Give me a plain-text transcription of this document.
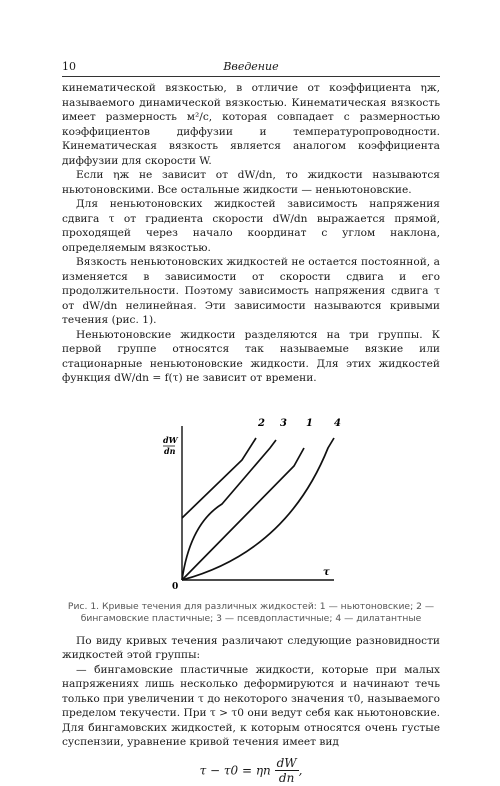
10	Введение

кинематической вязкостью, в отличие от коэффициента ηж, называемого динамической вязкостью. Кинематическая вязкость имеет размерность м²/с, которая совпадает с размерностью коэффициентов диффузии и температуропроводности. Кинематическая вязкость является аналогом коэффициента диффузии для скорости W.

Если ηж не зависит от dW/dn, то жидкости называются ньютоновскими. Все остальные жидкости — неньютоновские.

Для неньютоновских жидкостей зависимость напряжения сдвига τ от градиента скорости dW/dn выражается прямой, проходящей через начало координат с углом наклона, определяемым вязкостью.

Вязкость неньютоновских жидкостей не остается постоянной, а изменяется в зависимости от скорости сдвига и его продолжительности. Поэтому зависимость напряжения сдвига τ от dW/dn нелинейная. Эти зависимости называются кривыми течения (рис. 1).

Неньютоновские жидкости разделяются на три группы. К первой группе относятся так называемые вязкие или стационарные неньютоновские жидкости. Для этих жидкостей функция dW/dn = f(τ) не зависит от времени.

dW
dn
τ
0
2 3 1 4
Рис. 1. Кривые течения для различных жидкостей: 1 — ньютоновские; 2 — бингамовские пластичные; 3 — псевдопластичные; 4 — дилатантные

По виду кривых течения различают следующие разновидности жидкостей этой группы:

— бингамовские пластичные жидкости, которые при малых напряжениях лишь несколько деформируются и начинают течь только при увеличении τ до некоторого значения τ0, называемого пределом текучести. При τ > τ0 они ведут себя как ньютоновские. Для бингамовских жидкостей, к которым относятся очень густые суспензии, уравнение кривой течения имеет вид

τ − τ0 = ηп $\frac{dW}{dn}$ ,
